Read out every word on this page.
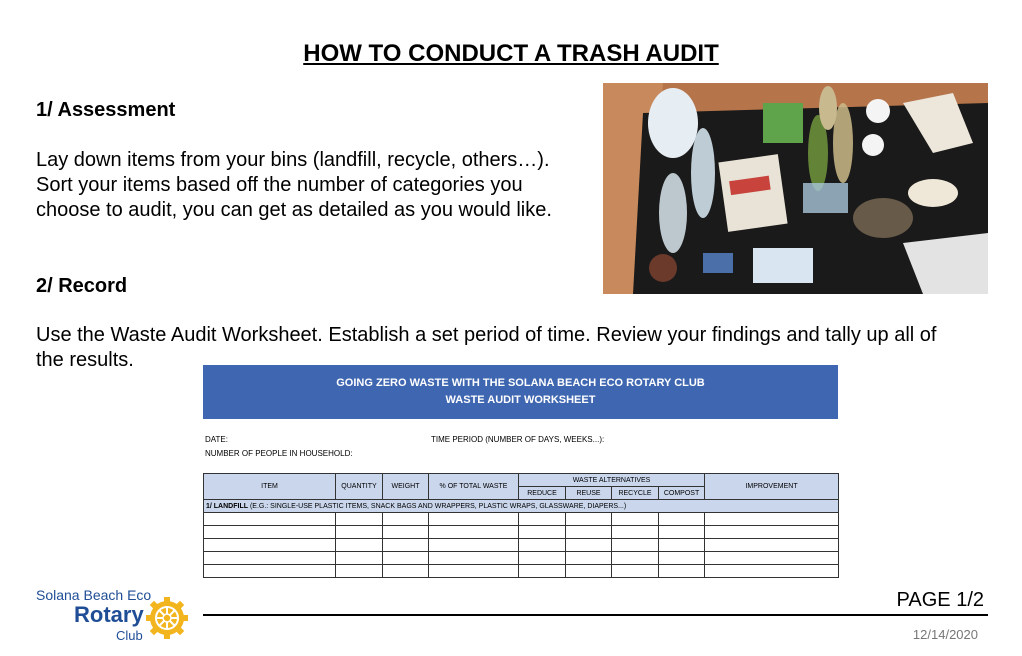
HOW TO CONDUCT A TRASH AUDIT
1/ Assessment
Lay down items from your bins (landfill, recycle, others…).
Sort your items based off the number of categories you
choose to audit, you can get as detailed as you would like.
2/ Record
Use the Waste Audit Worksheet. Establish a set period of time. Review your findings and tally up all of
the results.
GOING ZERO WASTE WITH THE SOLANA BEACH ECO ROTARY CLUB
WASTE AUDIT WORKSHEET
DATE:	TIME PERIOD (NUMBER OF DAYS, WEEKS...):
NUMBER OF PEOPLE IN HOUSEHOLD:
ITEM	QUANTITY	WEIGHT	% OF TOTAL WASTE	WASTE ALTERNATIVES				IMPROVEMENT
				REDUCE	REUSE	RECYCLE	COMPOST	
1/ LANDFILL (E.G.: SINGLE-USE PLASTIC ITEMS, SNACK BAGS AND WRAPPERS, PLASTIC WRAPS, GLASSWARE, DIAPERS...)								

Solana Beach Eco
Rotary
Club
PAGE 1/2
12/14/2020
